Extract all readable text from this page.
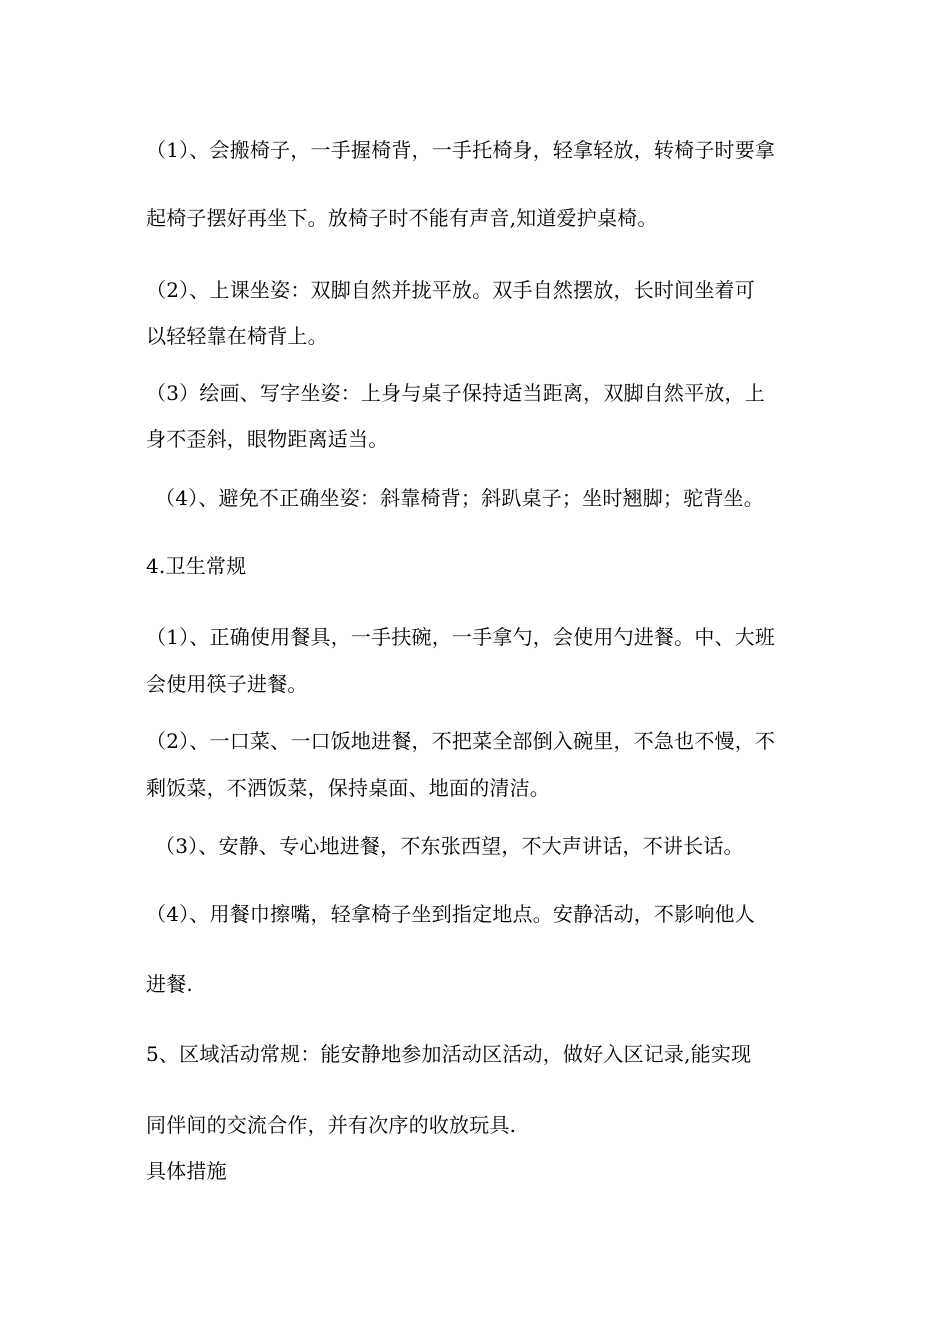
（1）、会搬椅子，一手握椅背，一手托椅身，轻拿轻放，转椅子时要拿
起椅子摆好再坐下。放椅子时不能有声音,知道爱护桌椅。
（2）、上课坐姿：双脚自然并拢平放。双手自然摆放，长时间坐着可
以轻轻靠在椅背上。
（3）绘画、写字坐姿：上身与桌子保持适当距离，双脚自然平放，上
身不歪斜，眼物距离适当。
（4）、避免不正确坐姿：斜靠椅背；斜趴桌子；坐时翘脚；驼背坐。
4.卫生常规
（1）、正确使用餐具，一手扶碗，一手拿勺，会使用勺进餐。中、大班
会使用筷子进餐。
（2）、一口菜、一口饭地进餐，不把菜全部倒入碗里，不急也不慢，不
剩饭菜，不洒饭菜，保持桌面、地面的清洁。
（3）、安静、专心地进餐，不东张西望，不大声讲话，不讲长话。
（4）、用餐巾擦嘴，轻拿椅子坐到指定地点。安静活动，不影响他人
进餐.
5、区域活动常规：能安静地参加活动区活动，做好入区记录,能实现
同伴间的交流合作，并有次序的收放玩具.
具体措施
